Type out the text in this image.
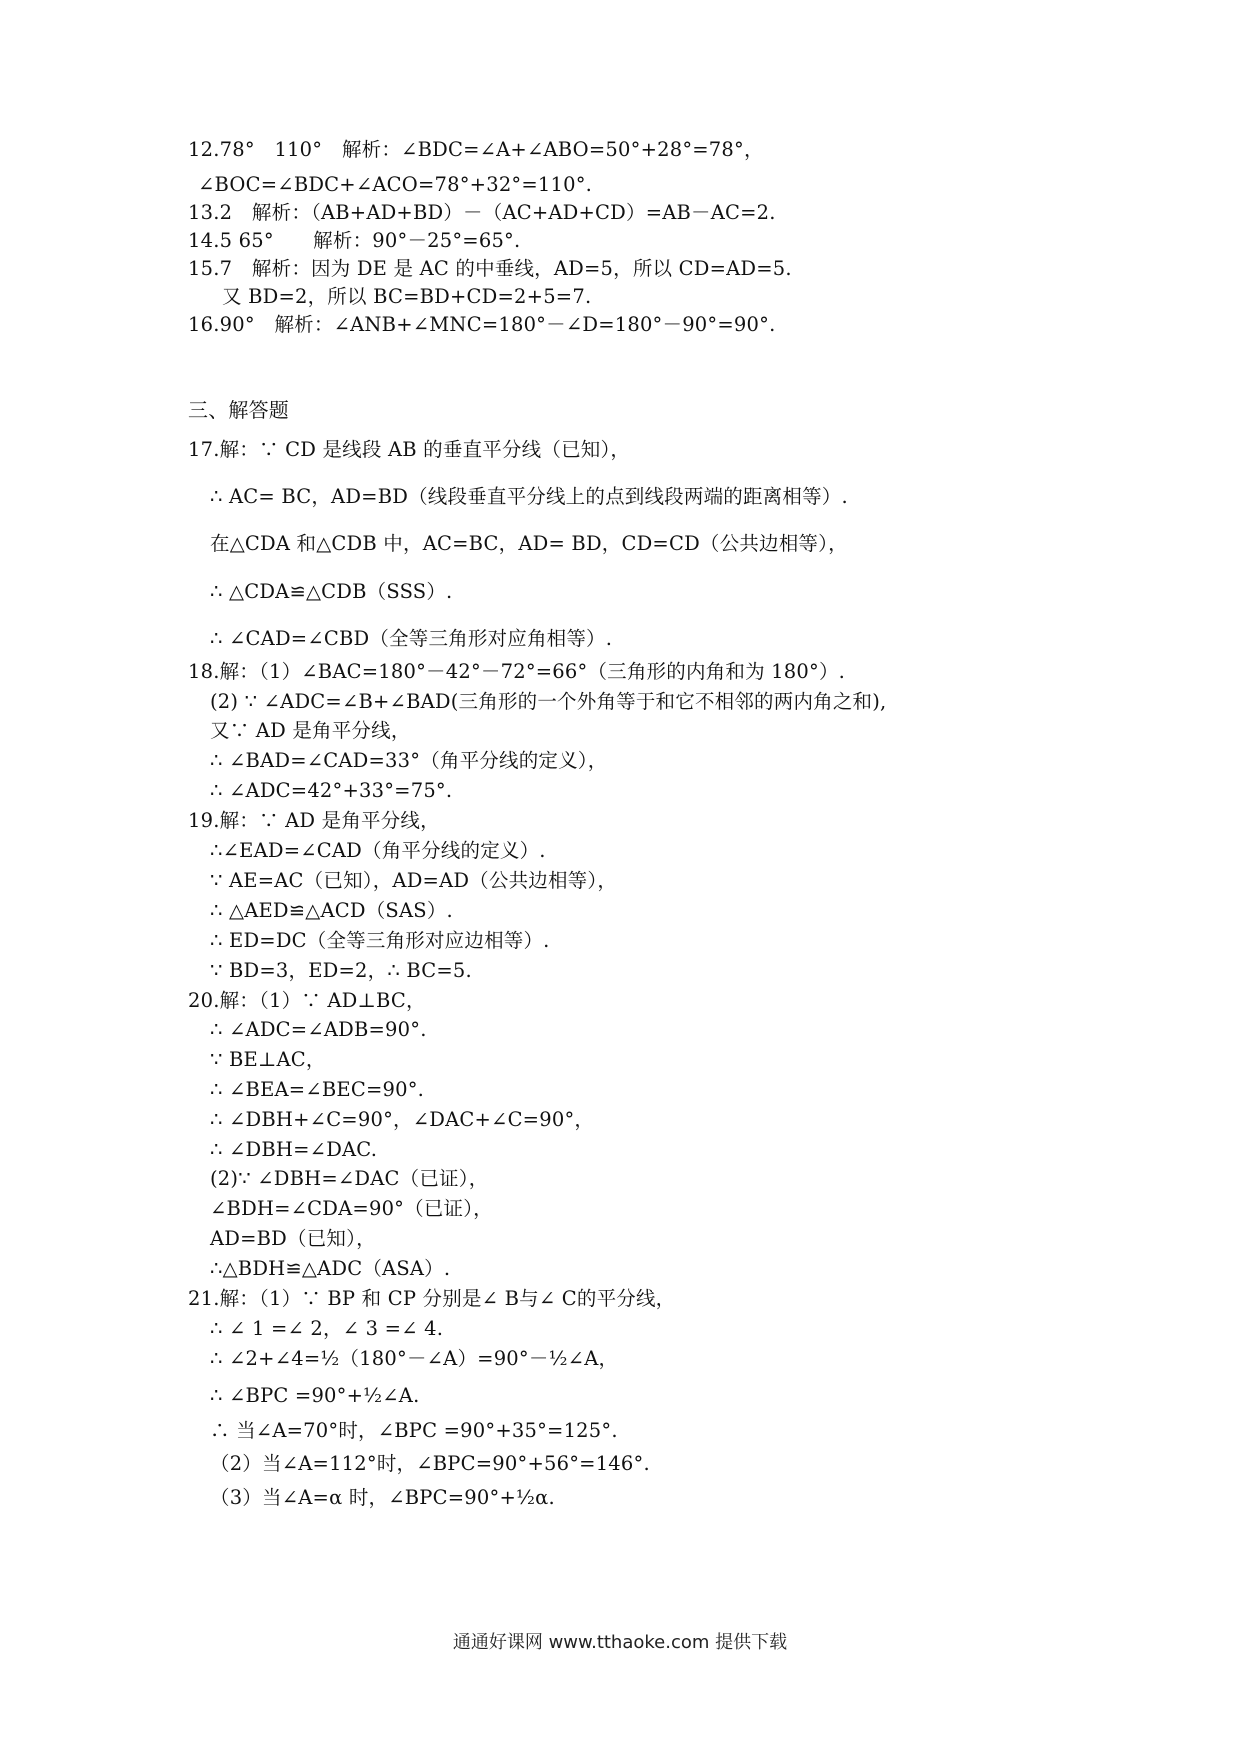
12.78°　110°　解析：∠BDC=∠A+∠ABO=50°+28°=78°，
∠BOC=∠BDC+∠ACO=78°+32°=110°.
13.2　解析：（AB+AD+BD）－（AC+AD+CD）=AB－AC=2.
14.5 65°　　解析：90°－25°=65°.
15.7　解析：因为 DE 是 AC 的中垂线，AD=5，所以 CD=AD=5.
又 BD=2，所以 BC=BD+CD=2+5=7.
16.90°　解析：∠ANB+∠MNC=180°－∠D=180°－90°=90°.
三、解答题
17.解：∵ CD 是线段 AB 的垂直平分线（已知），
∴ AC= BC，AD=BD（线段垂直平分线上的点到线段两端的距离相等）.
在△CDA 和△CDB 中，AC=BC，AD= BD，CD=CD（公共边相等），
∴ △CDA≌△CDB（SSS）.
∴ ∠CAD=∠CBD（全等三角形对应角相等）.
18.解：（1）∠BAC=180°－42°－72°=66°（三角形的内角和为 180°）.
(2) ∵ ∠ADC=∠B+∠BAD(三角形的一个外角等于和它不相邻的两内角之和),
又∵ AD 是角平分线，
∴ ∠BAD=∠CAD=33°（角平分线的定义），
∴ ∠ADC=42°+33°=75°.
19.解：∵ AD 是角平分线，
∴∠EAD=∠CAD（角平分线的定义）.
∵ AE=AC（已知），AD=AD（公共边相等），
∴ △AED≌△ACD（SAS）.
∴ ED=DC（全等三角形对应边相等）.
∵ BD=3，ED=2，∴ BC=5.
20.解：（1）∵ AD⊥BC，
∴ ∠ADC=∠ADB=90°.
∵ BE⊥AC，
∴ ∠BEA=∠BEC=90°.
∴ ∠DBH+∠C=90°，∠DAC+∠C=90°，
∴ ∠DBH=∠DAC.
(2)∵ ∠DBH=∠DAC（已证），
∠BDH=∠CDA=90°（已证），
AD=BD（已知），
∴△BDH≌△ADC（ASA）.
21.解：（1）∵ BP 和 CP 分别是∠ B与∠ C的平分线，
∴ ∠ 1 =∠ 2，∠ 3 =∠ 4.
∴ ∠2+∠4=½（180°－∠A）=90°－½∠A，
∴ ∠BPC =90°+½∠A.
∴ 当∠A=70°时，∠BPC =90°+35°=125°.
（2）当∠A=112°时，∠BPC=90°+56°=146°.
（3）当∠A=α 时，∠BPC=90°+½α.
通通好课网 www.tthaoke.com 提供下载
